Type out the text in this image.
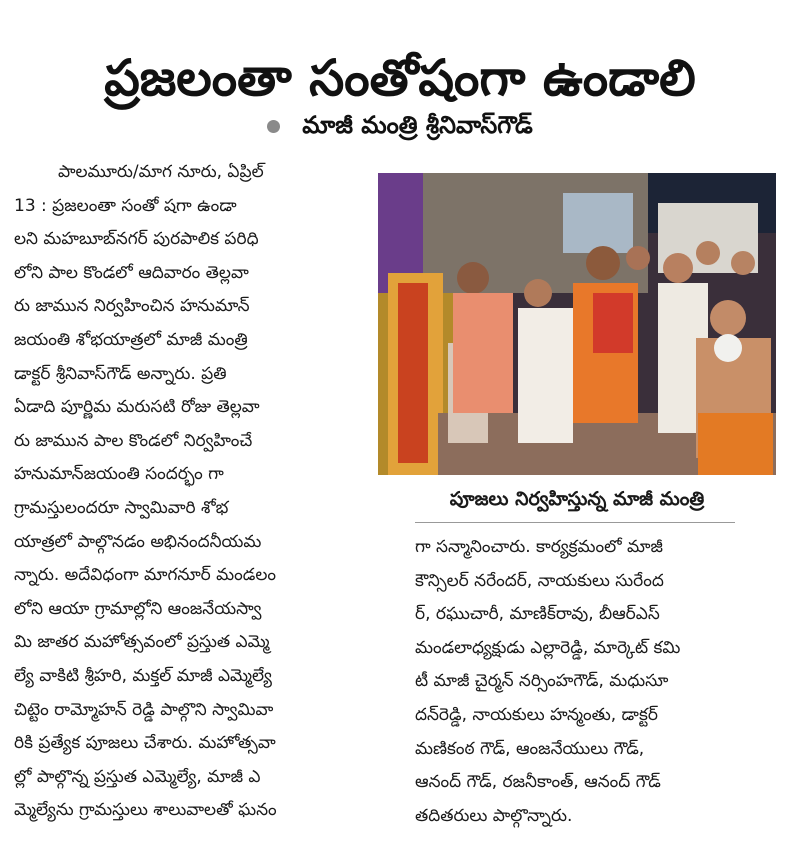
ప్రజలంతా సంతోషంగా ఉండాలి
మాజీ మంత్రి శ్రీనివాస్‌గౌడ్
పాలమూరు/మాగ నూరు, ఏప్రిల్
13 : ప్రజలంతా సంతో షగా ఉండా
లని మహబూబ్‌నగర్ పురపాలిక పరిధి
లోని పాల కొండలో ఆదివారం తెల్లవా
రు జామున నిర్వహించిన హనుమాన్
జయంతి శోభయాత్రలో మాజీ మంత్రి
డాక్టర్ శ్రీనివాస్‌గౌడ్ అన్నారు. ప్రతి
ఏడాది పూర్ణిమ మరుసటి రోజు తెల్లవా
రు జామున పాల కొండలో నిర్వహించే
హనుమాన్‌జయంతి సందర్భం గా
గ్రామస్తులందరూ స్వామివారి శోభ
యాత్రలో పాల్గొనడం అభినందనీయమ
న్నారు. అదేవిధంగా మాగనూర్ మండలం
లోని ఆయా గ్రామాల్లోని ఆంజనేయస్వా
మి జాతర మహోత్సవంలో ప్రస్తుత ఎమ్మె
ల్యే వాకిటి శ్రీహరి, మక్తల్ మాజీ ఎమ్మెల్యే
చిట్టెం రామ్మోహన్ రెడ్డి పాల్గొని స్వామివా
రికి ప్రత్యేక పూజలు చేశారు. మహోత్సవా
ల్లో పాల్గొన్న ప్రస్తుత ఎమ్మెల్యే, మాజీ ఎ
మ్మెల్యేను గ్రామస్తులు శాలువాలతో ఘనం
పూజలు నిర్వహిస్తున్న మాజీ మంత్రి
గా సన్మానించారు. కార్యక్రమంలో మాజీ
కౌన్సిలర్ నరేందర్, నాయకులు సురేంద
ర్, రఘుచారీ, మాణిక్‌రావు, బీఆర్‌ఎస్
మండలాధ్యక్షుడు ఎల్లారెడ్డి, మార్కెట్ కమి
టీ మాజీ చైర్మన్ నర్సింహగౌడ్, మధుసూ
దన్‌రెడ్డి, నాయకులు హన్మంతు, డాక్టర్
మణికంఠ గౌడ్, ఆంజనేయులు గౌడ్,
ఆనంద్ గౌడ్, రజనీకాంత్, ఆనంద్ గౌడ్
తదితరులు పాల్గొన్నారు.
